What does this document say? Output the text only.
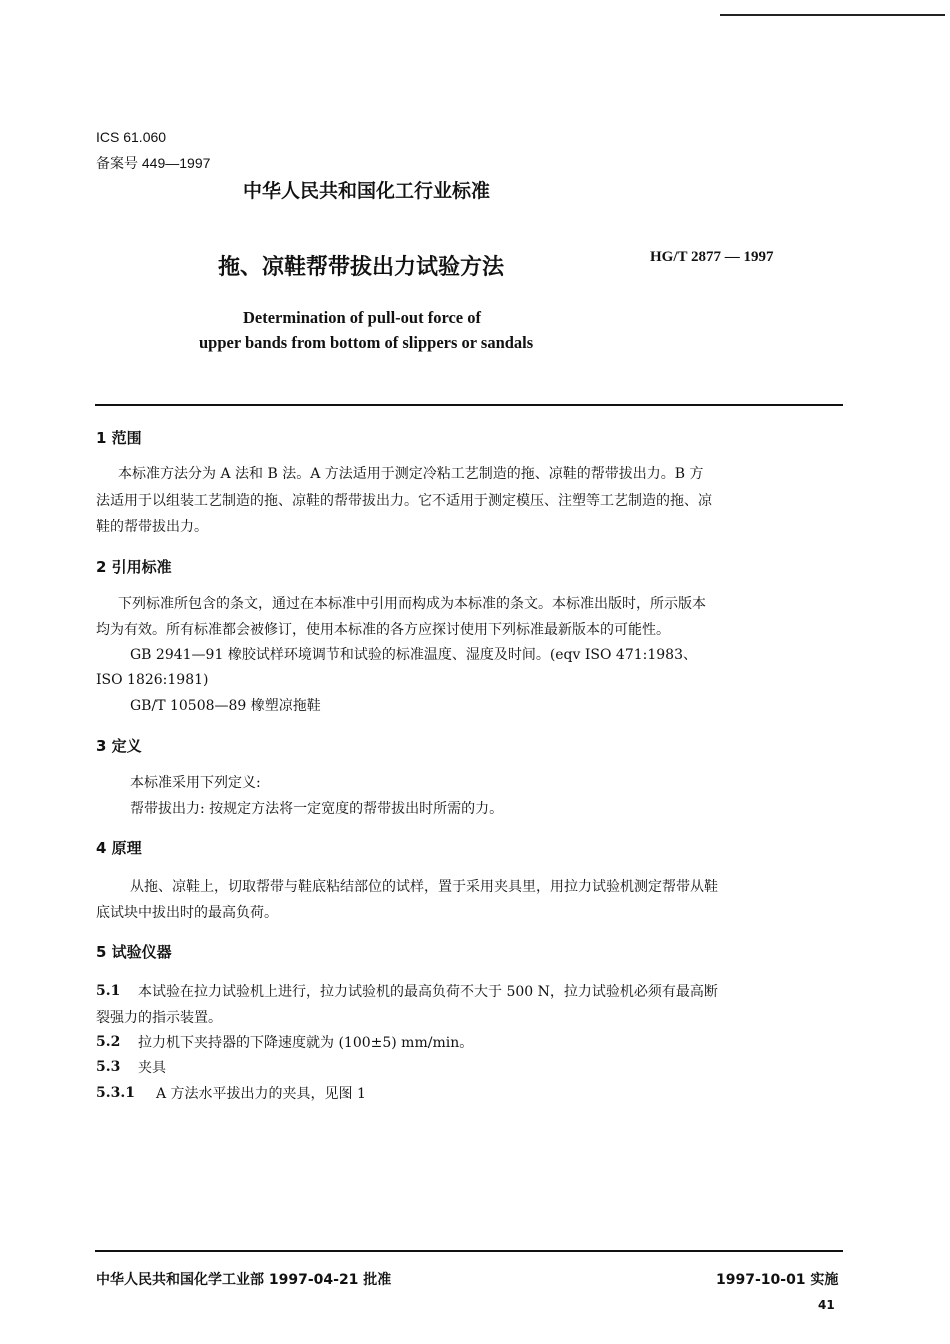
ICS 61.060
备案号 449—1997
中华人民共和国化工行业标准
拖、凉鞋帮带拔出力试验方法	HG/T 2877 — 1997
Determination of pull-out force of
upper bands from bottom of slippers or sandals
1 范围
本标准方法分为 A 法和 B 法。A 方法适用于测定冷粘工艺制造的拖、凉鞋的帮带拔出力。B 方
法适用于以组装工艺制造的拖、凉鞋的帮带拔出力。它不适用于测定模压、注塑等工艺制造的拖、凉
鞋的帮带拔出力。
2 引用标准
下列标准所包含的条文，通过在本标准中引用而构成为本标准的条文。本标准出版时，所示版本
均为有效。所有标准都会被修订，使用本标准的各方应探讨使用下列标准最新版本的可能性。
GB 2941—91 橡胶试样环境调节和试验的标准温度、湿度及时间。(eqv ISO 471:1983、
ISO 1826:1981)
GB/T 10508—89 橡塑凉拖鞋
3 定义
本标准采用下列定义:
帮带拔出力: 按规定方法将一定宽度的帮带拔出时所需的力。
4 原理
从拖、凉鞋上，切取帮带与鞋底粘结部位的试样，置于采用夹具里，用拉力试验机测定帮带从鞋
底试块中拔出时的最高负荷。
5 试验仪器
5.1 本试验在拉力试验机上进行，拉力试验机的最高负荷不大于 500 N，拉力试验机必须有最高断
裂强力的指示装置。
5.2 拉力机下夹持器的下降速度就为 (100±5) mm/min。
5.3 夹具
5.3.1 A 方法水平拔出力的夹具，见图 1
中华人民共和国化学工业部 1997-04-21 批准	1997-10-01 实施
41
